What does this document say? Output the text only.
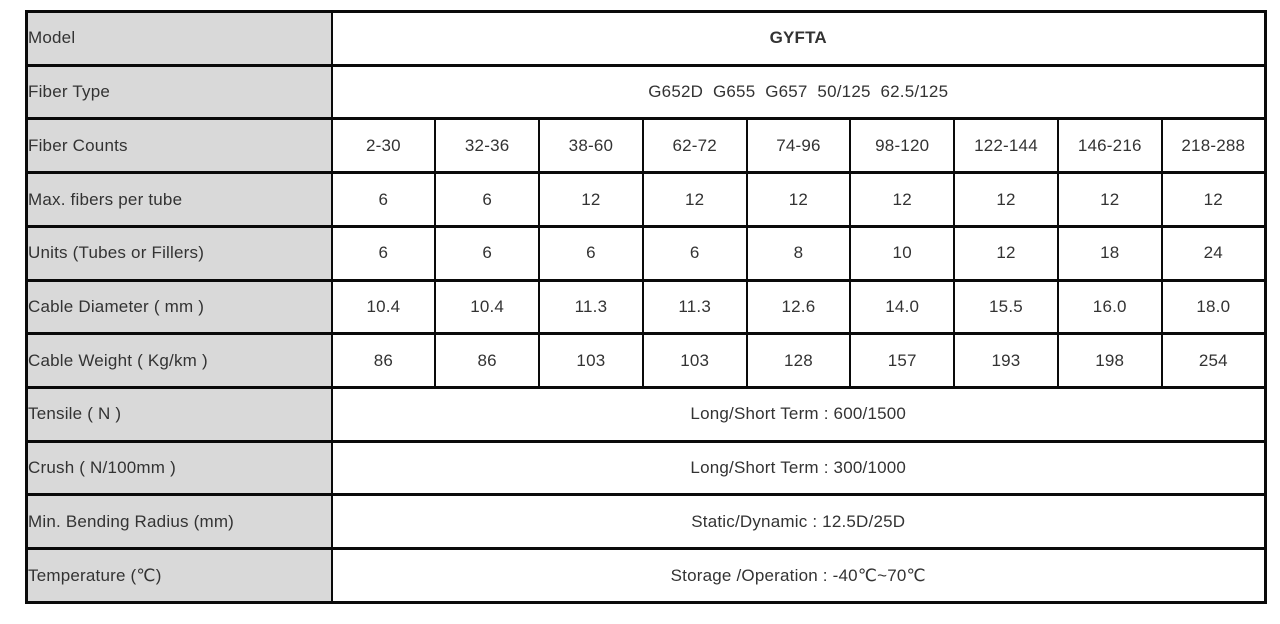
Model	GYFTA								
Fiber Type	G652D  G655  G657  50/125  62.5/125								
Fiber Counts	2-30	32-36	38-60	62-72	74-96	98-120	122-144	146-216	218-288
Max. fibers per tube	6	6	12	12	12	12	12	12	12
Units (Tubes or Fillers)	6	6	6	6	8	10	12	18	24
Cable Diameter ( mm )	10.4	10.4	11.3	11.3	12.6	14.0	15.5	16.0	18.0
Cable Weight ( Kg/km )	86	86	103	103	128	157	193	198	254
Tensile ( N )	Long/Short Term : 600/1500								
Crush ( N/100mm )	Long/Short Term : 300/1000								
Min. Bending Radius (mm)	Static/Dynamic : 12.5D/25D								
Temperature (℃)	Storage /Operation : -40℃~70℃								
